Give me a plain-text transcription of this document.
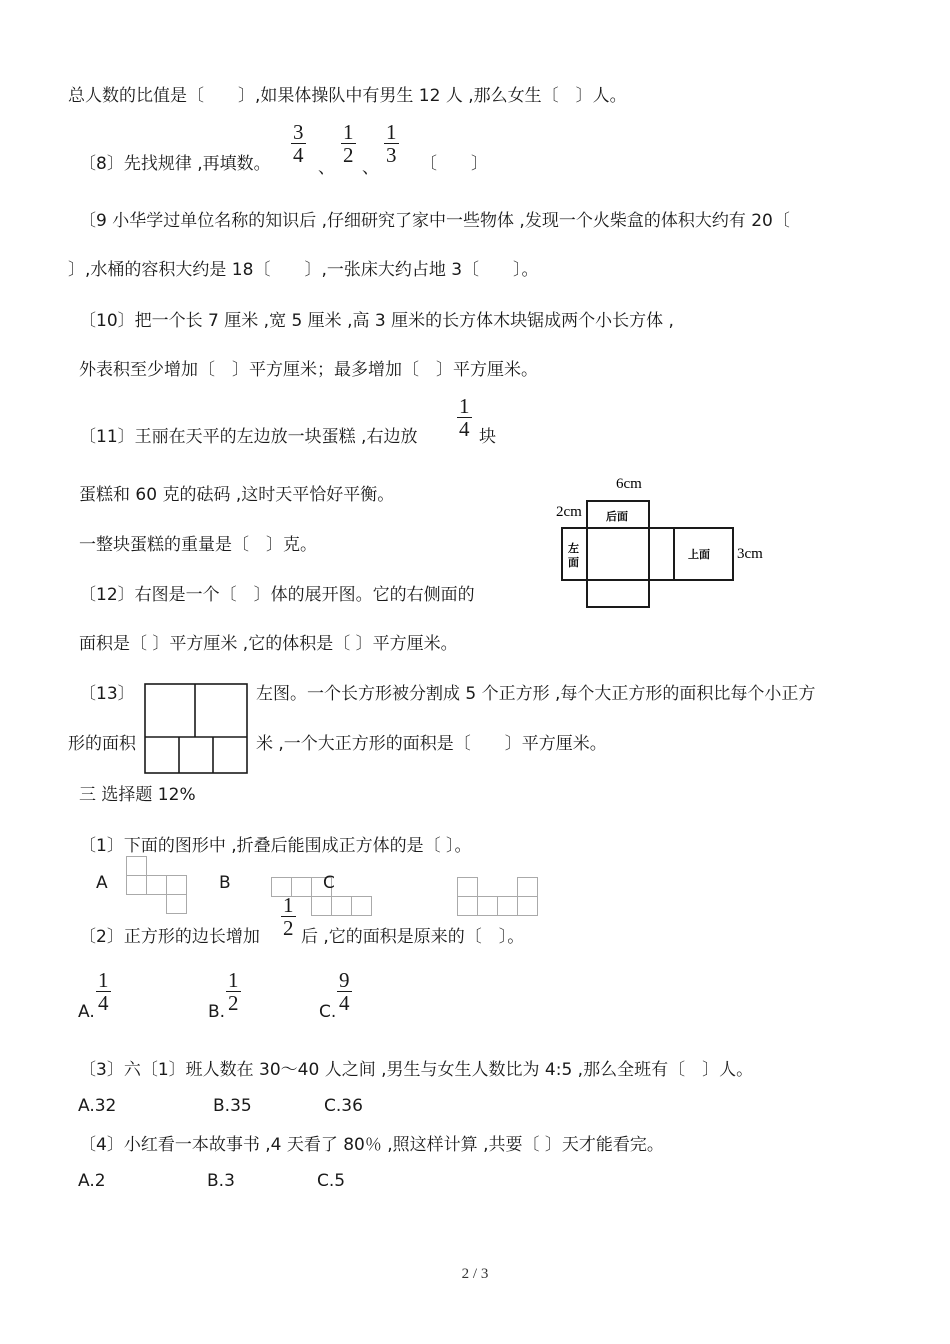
总人数的比值是〔　　〕,如果体操队中有男生 12 人 ,那么女生〔　〕人。
〔8〕先找规律 ,再填数。 $\frac{3}{4}$
、
$\frac{1}{2}$
、
$\frac{1}{3}$ 〔　　〕
〔9 小华学过单位名称的知识后 ,仔细研究了家中一些物体 ,发现一个火柴盒的体积大约有 20〔
〕,水桶的容积大约是 18〔　　〕,一张床大约占地 3〔　　〕。
〔10〕把一个长 7 厘米 ,宽 5 厘米 ,高 3 厘米的长方体木块锯成两个小长方体 ,
外表积至少增加〔　〕平方厘米；最多增加〔　〕平方厘米。
〔11〕王丽在天平的左边放一块蛋糕 ,右边放 $\frac{1}{4}$ 块
蛋糕和 60 克的砝码 ,这时天平恰好平衡。
一整块蛋糕的重量是〔　〕克。
6cm
2cm
3cm
后面
左
面
上面
〔12〕右图是一个〔　〕体的展开图。它的右侧面的
面积是〔 〕平方厘米 ,它的体积是〔 〕平方厘米。
〔13〕	左图。一个长方形被分割成 5 个正方形 ,每个大正方形的面积比每个小正方
形的面积	米 ,一个大正方形的面积是〔　　〕平方厘米。
三 选择题 12%
〔1〕下面的图形中 ,折叠后能围成正方体的是〔 〕。
A	B	C
〔2〕正方形的边长增加 $\frac{1}{2}$ 后 ,它的面积是原来的〔　〕。
A. $\frac{1}{4}$	B. $\frac{1}{2}$	C. $\frac{9}{4}$
〔3〕六〔1〕班人数在 30～40 人之间 ,男生与女生人数比为 4:5 ,那么全班有〔　〕人。
A.32	B.35	C.36
〔4〕小红看一本故事书 ,4 天看了 80％ ,照这样计算 ,共要〔 〕天才能看完。
A.2	B.3	C.5
2 / 3
